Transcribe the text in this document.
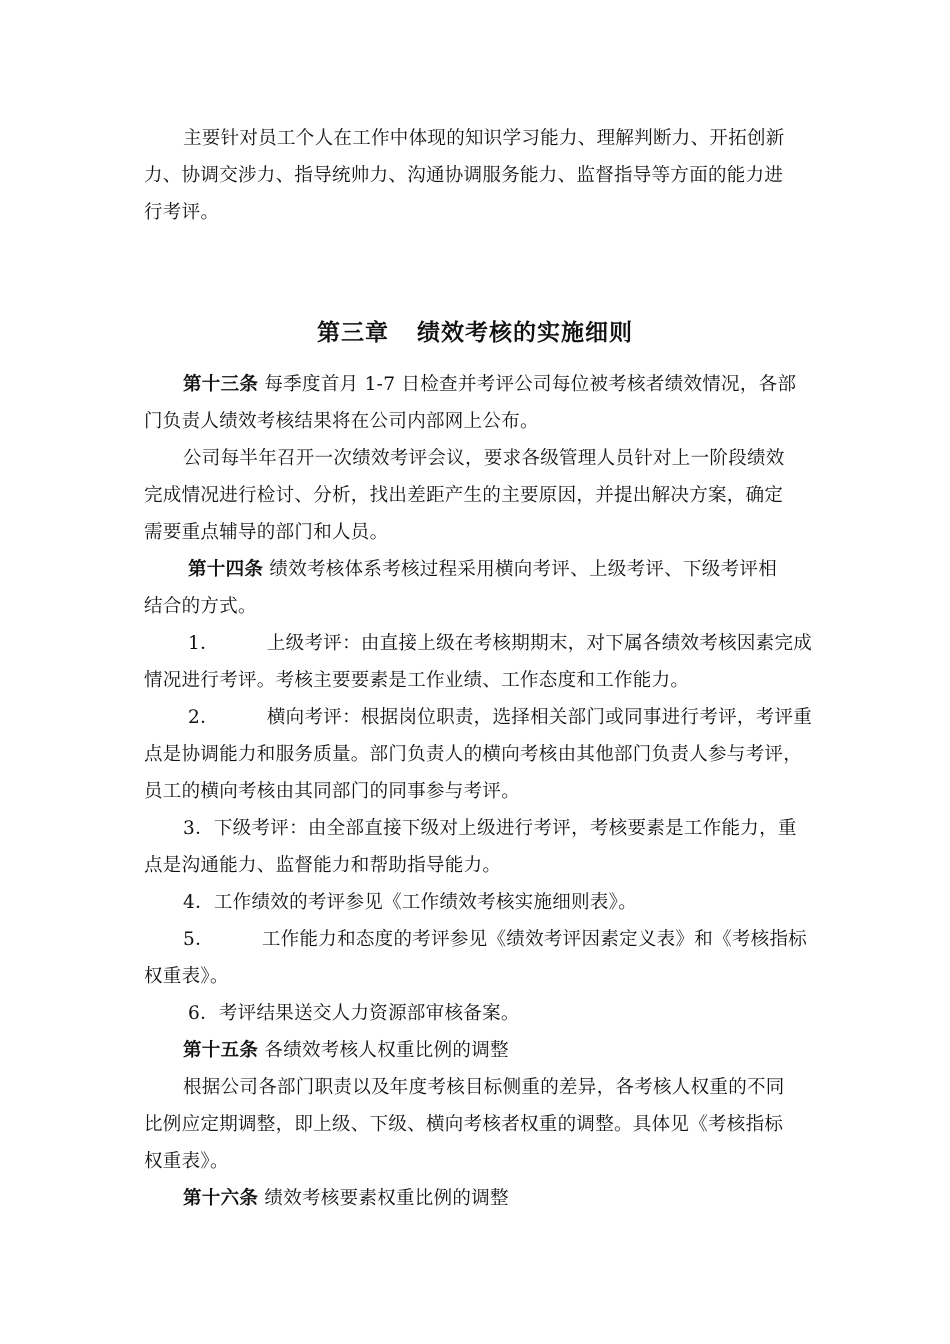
主要针对员工个人在工作中体现的知识学习能力、理解判断力、开拓创新
力、协调交涉力、指导统帅力、沟通协调服务能力、监督指导等方面的能力进
行考评。
第三章 绩效考核的实施细则
第十三条 每季度首月 1-7 日检查并考评公司每位被考核者绩效情况，各部
门负责人绩效考核结果将在公司内部网上公布。
公司每半年召开一次绩效考评会议，要求各级管理人员针对上一阶段绩效
完成情况进行检讨、分析，找出差距产生的主要原因，并提出解决方案，确定
需要重点辅导的部门和人员。
第十四条 绩效考核体系考核过程采用横向考评、上级考评、下级考评相
结合的方式。
1．	上级考评：由直接上级在考核期期末，对下属各绩效考核因素完成
情况进行考评。考核主要要素是工作业绩、工作态度和工作能力。
2．	横向考评：根据岗位职责，选择相关部门或同事进行考评，考评重
点是协调能力和服务质量。部门负责人的横向考核由其他部门负责人参与考评，
员工的横向考核由其同部门的同事参与考评。
3．下级考评：由全部直接下级对上级进行考评，考核要素是工作能力，重
点是沟通能力、监督能力和帮助指导能力。
4．工作绩效的考评参见《工作绩效考核实施细则表》。
5．	工作能力和态度的考评参见《绩效考评因素定义表》和《考核指标
权重表》。
6．考评结果送交人力资源部审核备案。
第十五条 各绩效考核人权重比例的调整
根据公司各部门职责以及年度考核目标侧重的差异，各考核人权重的不同
比例应定期调整，即上级、下级、横向考核者权重的调整。具体见《考核指标
权重表》。
第十六条 绩效考核要素权重比例的调整
